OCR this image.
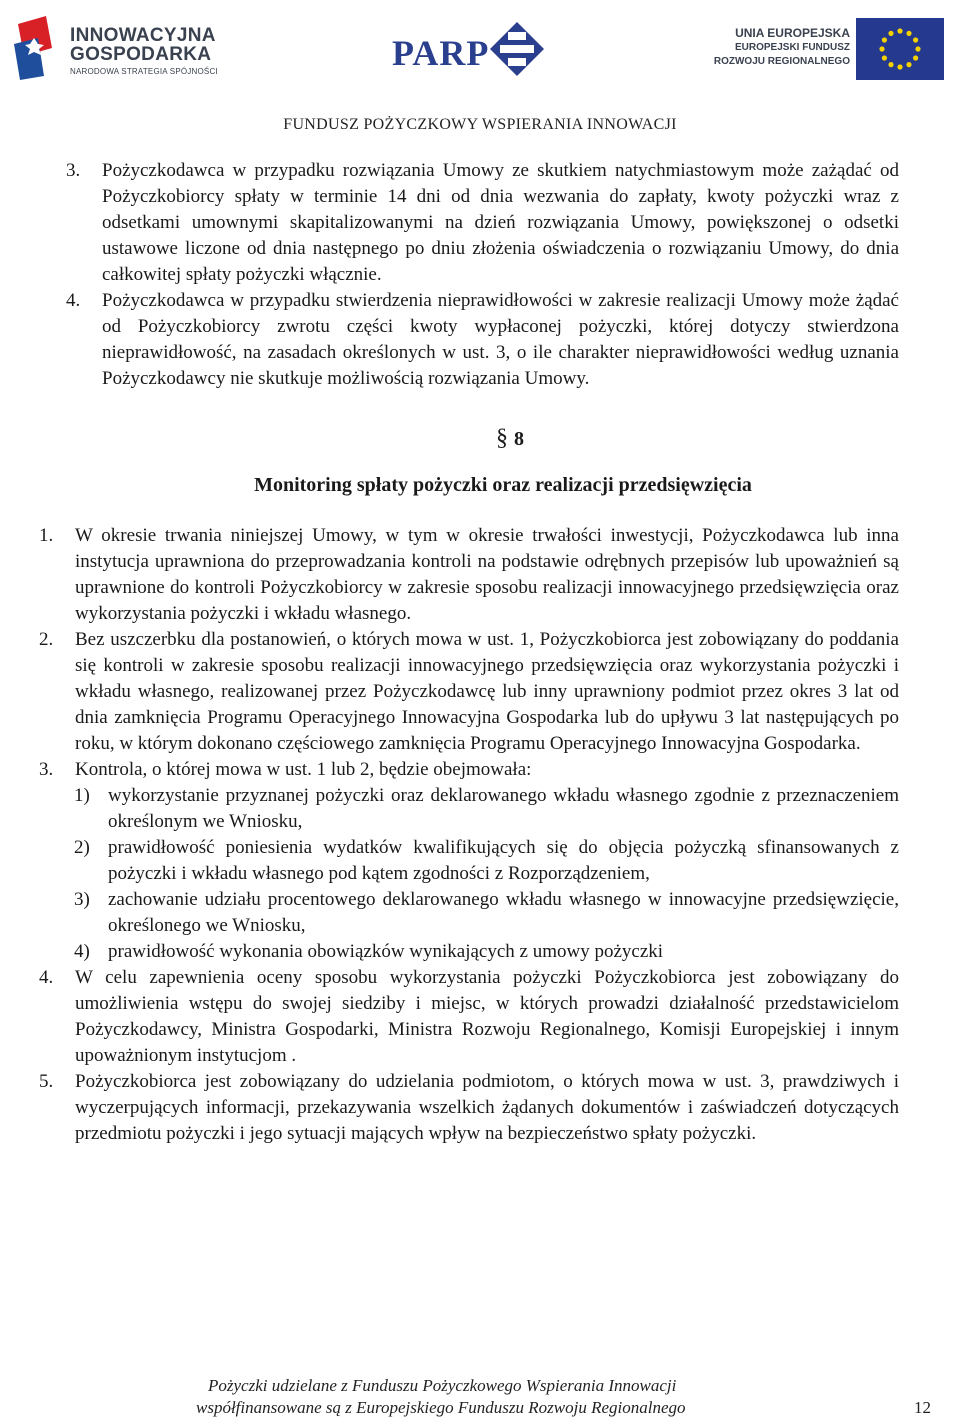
INNOWACYJNA
GOSPODARKA
NARODOWA STRATEGIA SPÓJNOŚCI	PARP	UNIA EUROPEJSKA
EUROPEJSKI FUNDUSZ
ROZWOJU REGIONALNEGO
FUNDUSZ POŻYCZKOWY WSPIERANIA INNOWACJI
3. Pożyczkodawca w przypadku rozwiązania Umowy ze skutkiem natychmiastowym może zażądać od Pożyczkobiorcy spłaty w terminie 14 dni od dnia wezwania do zapłaty, kwoty pożyczki wraz z odsetkami umownymi skapitalizowanymi na dzień rozwiązania Umowy, powiększonej o odsetki ustawowe liczone od dnia następnego po dniu złożenia oświadczenia o rozwiązaniu Umowy, do dnia całkowitej spłaty pożyczki włącznie.
4. Pożyczkodawca w przypadku stwierdzenia nieprawidłowości w zakresie realizacji Umowy może żądać od Pożyczkobiorcy zwrotu części kwoty wypłaconej pożyczki, której dotyczy stwierdzona nieprawidłowość, na zasadach określonych w ust. 3, o ile charakter nieprawidłowości według uznania Pożyczkodawcy nie skutkuje możliwością rozwiązania Umowy.
§ 8
Monitoring spłaty pożyczki oraz realizacji przedsięwzięcia
1. W okresie trwania niniejszej Umowy, w tym w okresie trwałości inwestycji, Pożyczkodawca lub inna instytucja uprawniona do przeprowadzania kontroli na podstawie odrębnych przepisów lub upoważnień są uprawnione do kontroli Pożyczkobiorcy w zakresie sposobu realizacji innowacyjnego przedsięwzięcia oraz wykorzystania pożyczki i wkładu własnego.
2. Bez uszczerbku dla postanowień, o których mowa w ust. 1, Pożyczkobiorca jest zobowiązany do poddania się kontroli w zakresie sposobu realizacji innowacyjnego przedsięwzięcia oraz wykorzystania pożyczki i wkładu własnego, realizowanej przez Pożyczkodawcę lub inny uprawniony podmiot przez okres 3 lat od dnia zamknięcia Programu Operacyjnego Innowacyjna Gospodarka lub do upływu 3 lat następujących po roku, w którym dokonano częściowego zamknięcia Programu Operacyjnego Innowacyjna Gospodarka.
3. Kontrola, o której mowa w ust. 1 lub 2, będzie obejmowała:
1) wykorzystanie przyznanej pożyczki oraz deklarowanego wkładu własnego zgodnie z przeznaczeniem określonym we Wniosku,
2) prawidłowość poniesienia wydatków kwalifikujących się do objęcia pożyczką sfinansowanych z pożyczki i wkładu własnego pod kątem zgodności z Rozporządzeniem,
3) zachowanie udziału procentowego deklarowanego wkładu własnego w innowacyjne przedsięwzięcie, określonego we Wniosku,
4) prawidłowość wykonania obowiązków wynikających z umowy pożyczki
4. W celu zapewnienia oceny sposobu wykorzystania pożyczki Pożyczkobiorca jest zobowiązany do umożliwienia wstępu do swojej siedziby i miejsc, w których prowadzi działalność przedstawicielom Pożyczkodawcy, Ministra Gospodarki, Ministra Rozwoju Regionalnego, Komisji Europejskiej i innym upoważnionym instytucjom .
5. Pożyczkobiorca jest zobowiązany do udzielania podmiotom, o których mowa w ust. 3, prawdziwych i wyczerpujących informacji, przekazywania wszelkich żądanych dokumentów i zaświadczeń dotyczących przedmiotu pożyczki i jego sytuacji mających wpływ na bezpieczeństwo spłaty pożyczki.
Pożyczki udzielane z Funduszu Pożyczkowego Wspierania Innowacji
współfinansowane są z Europejskiego Funduszu Rozwoju Regionalnego	12
